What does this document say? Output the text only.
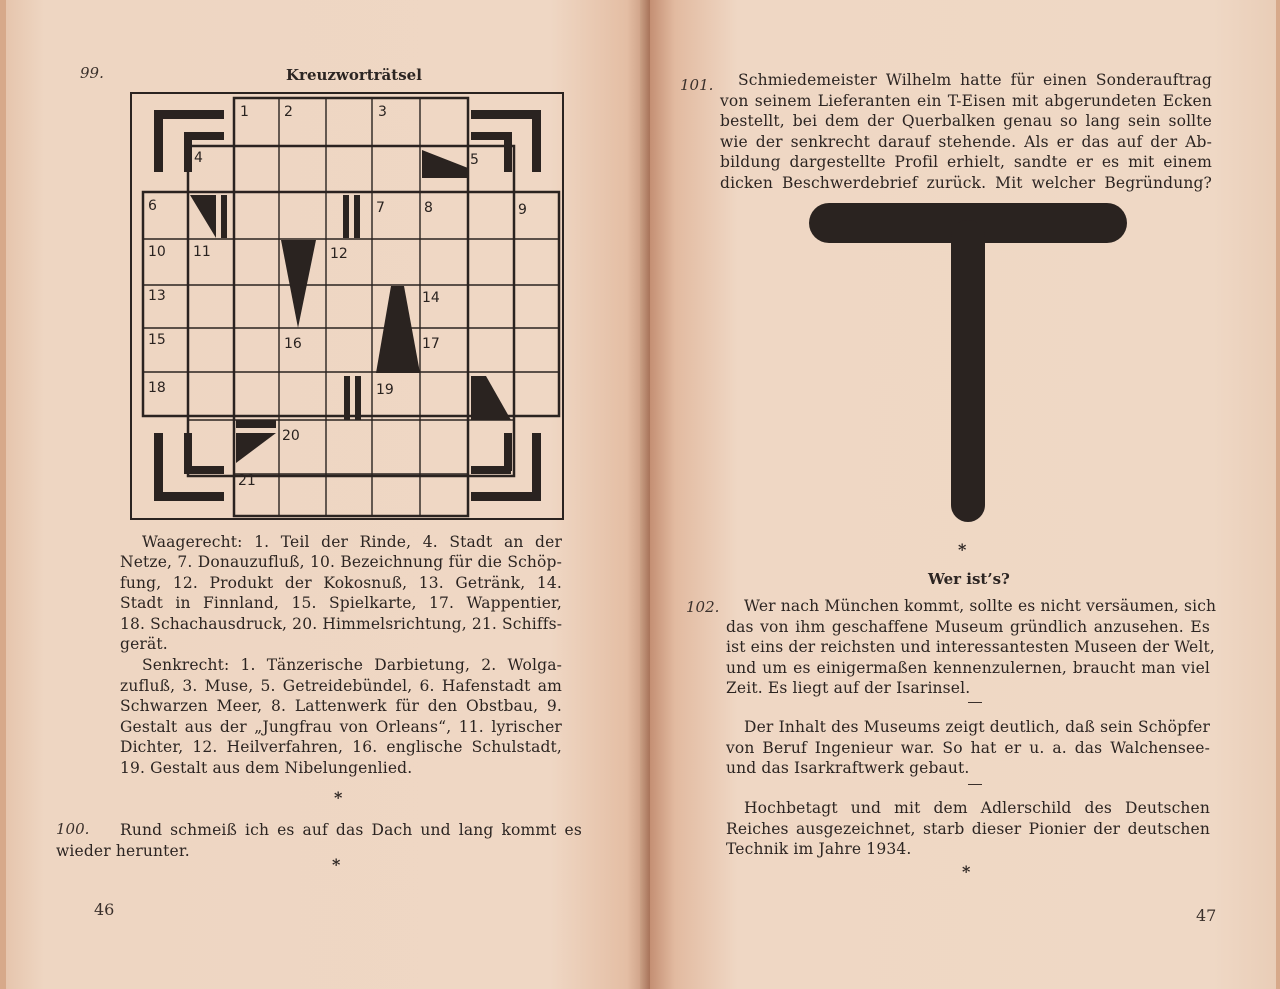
99.	Kreuzworträtsel
1	2	3
4	5
6	7	8	9
10 11	12
13	14
15	16	17
18	19
20
21
Waagerecht: 1. Teil der Rinde, 4. Stadt an der
Netze, 7. Donauzufluß, 10. Bezeichnung für die Schöp-
fung, 12. Produkt der Kokosnuß, 13. Getränk, 14.
Stadt in Finnland, 15. Spielkarte, 17. Wappentier,
18. Schachausdruck, 20. Himmelsrichtung, 21. Schiffs-
gerät.
Senkrecht: 1. Tänzerische Darbietung, 2. Wolga-
zufluß, 3. Muse, 5. Getreidebündel, 6. Hafenstadt am
Schwarzen Meer, 8. Lattenwerk für den Obstbau, 9.
Gestalt aus der „Jungfrau von Orleans“, 11. lyrischer
Dichter, 12. Heilverfahren, 16. englische Schulstadt,
19. Gestalt aus dem Nibelungenlied.
*
100.	Rund schmeiß ich es auf das Dach und lang kommt es
wieder herunter.
*
46
101.	Schmiedemeister Wilhelm hatte für einen Sonderauftrag
von seinem Lieferanten ein T-Eisen mit abgerundeten Ecken
bestellt, bei dem der Querbalken genau so lang sein sollte
wie der senkrecht darauf stehende. Als er das auf der Ab-
bildung dargestellte Profil erhielt, sandte er es mit einem
dicken Beschwerdebrief zurück. Mit welcher Begründung?
*
Wer ist’s?
102.	Wer nach München kommt, sollte es nicht versäumen, sich
das von ihm geschaffene Museum gründlich anzusehen. Es
ist eins der reichsten und interessantesten Museen der Welt,
und um es einigermaßen kennenzulernen, braucht man viel
Zeit. Es liegt auf der Isarinsel.
Der Inhalt des Museums zeigt deutlich, daß sein Schöpfer
von Beruf Ingenieur war. So hat er u. a. das Walchensee-
und das Isarkraftwerk gebaut.
Hochbetagt und mit dem Adlerschild des Deutschen
Reiches ausgezeichnet, starb dieser Pionier der deutschen
Technik im Jahre 1934.
*
47
